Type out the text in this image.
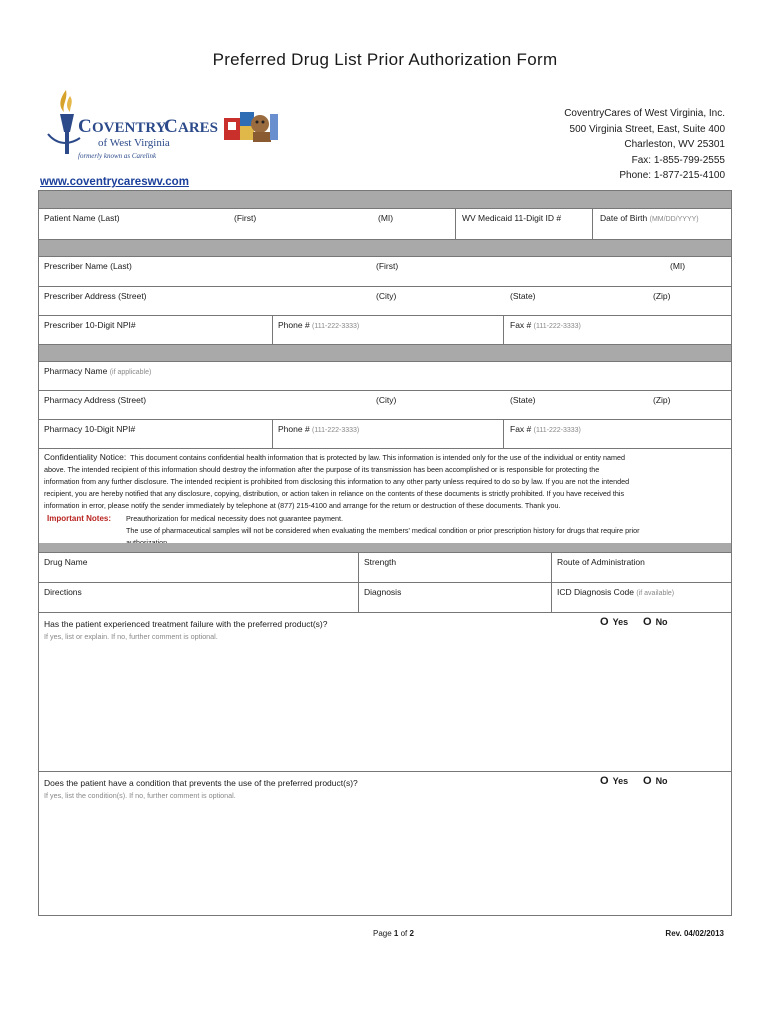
Preferred Drug List Prior Authorization Form
C OVENTRY
C ARES
of West Virginia
formerly known as Carelink
CoventryCares of West Virginia, Inc.
500 Virginia Street, East, Suite 400
Charleston, WV 25301
Fax: 1-855-799-2555
Phone: 1-877-215-4100
www.coventrycareswv.com
Patient Name (Last)	(First)	(MI)	WV Medicaid 11-Digit ID #	Date of Birth (MM/DD/YYYY)
Prescriber Name (Last)	(First)	(MI)
Prescriber Address (Street)	(City)	(State)	(Zip)
Prescriber 10-Digit NPI#	Phone # (111-222-3333)	Fax # (111-222-3333)
Pharmacy Name (if applicable)
Pharmacy Address (Street)	(City)	(State)	(Zip)
Pharmacy 10-Digit NPI#	Phone # (111-222-3333)	Fax # (111-222-3333)
Confidentiality Notice: This document contains confidential health information that is protected by law. This information is intended only for the use of the individual or entity named
above. The intended recipient of this information should destroy the information after the purpose of its transmission has been accomplished or is responsible for protecting the
information from any further disclosure. The intended recipient is prohibited from disclosing this information to any other party unless required to do so by law. If you are not the intended
recipient, you are hereby notified that any disclosure, copying, distribution, or action taken in reliance on the contents of these documents is strictly prohibited. If you have received this
information in error, please notify the sender immediately by telephone at (877) 215-4100 and arrange for the return or destruction of these documents. Thank you.
Important Notes: Preauthorization for medical necessity does not guarantee payment.
The use of pharmaceutical samples will not be considered when evaluating the members' medical condition or prior prescription history for drugs that require prior
Drug Name	Strength	Route of Administration
Directions	Diagnosis	ICD Diagnosis Code (if available)
Has the patient experienced treatment failure with the preferred product(s)?
If yes, list or explain. If no, further comment is optional.
O Yes O No
Does the patient have a condition that prevents the use of the preferred product(s)?
If yes, list the condition(s). If no, further comment is optional.
O Yes O No
Page 1 of 2	Rev. 04/02/2013
